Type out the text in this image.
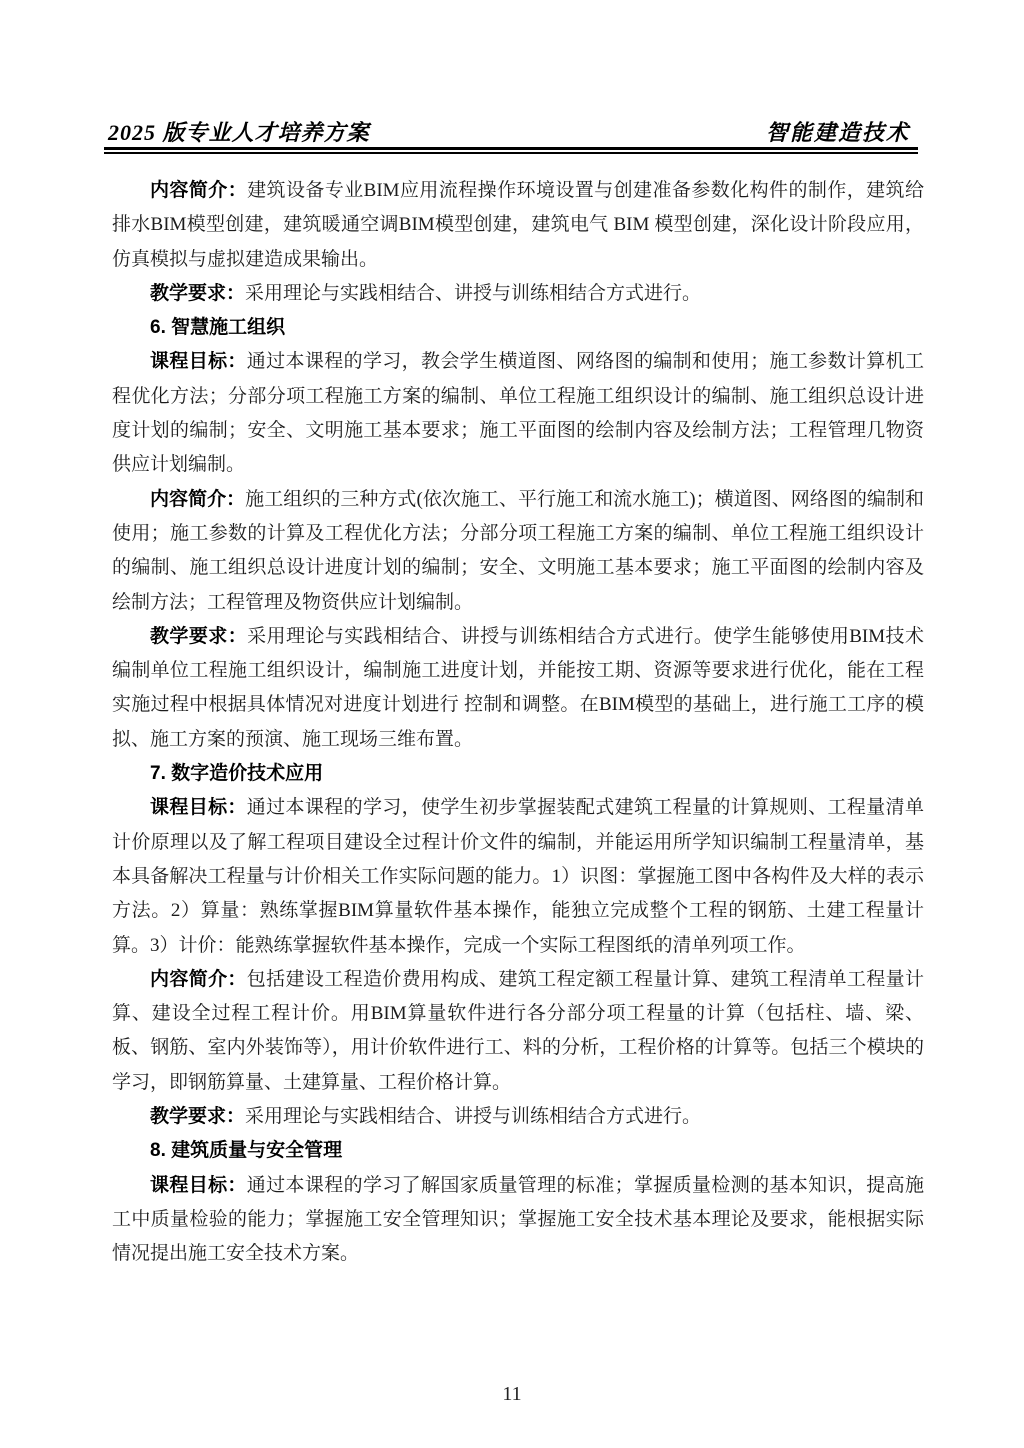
2025 版专业人才培养方案	智能建造技术

内容简介：建筑设备专业BIM应用流程操作环境设置与创建准备参数化构件的制作，建筑给排水BIM模型创建，建筑暖通空调BIM模型创建，建筑电气 BIM 模型创建，深化设计阶段应用，仿真模拟与虚拟建造成果输出。

教学要求：采用理论与实践相结合、讲授与训练相结合方式进行。

6. 智慧施工组织

课程目标：通过本课程的学习，教会学生横道图、网络图的编制和使用；施工参数计算机工程优化方法；分部分项工程施工方案的编制、单位工程施工组织设计的编制、施工组织总设计进度计划的编制；安全、文明施工基本要求；施工平面图的绘制内容及绘制方法；工程管理几物资供应计划编制。

内容简介：施工组织的三种方式(依次施工、平行施工和流水施工)；横道图、网络图的编制和使用；施工参数的计算及工程优化方法；分部分项工程施工方案的编制、单位工程施工组织设计的编制、施工组织总设计进度计划的编制；安全、文明施工基本要求；施工平面图的绘制内容及绘制方法；工程管理及物资供应计划编制。

教学要求：采用理论与实践相结合、讲授与训练相结合方式进行。使学生能够使用BIM技术编制单位工程施工组织设计，编制施工进度计划，并能按工期、资源等要求进行优化，能在工程实施过程中根据具体情况对进度计划进行 控制和调整。在BIM模型的基础上，进行施工工序的模拟、施工方案的预演、施工现场三维布置。

7. 数字造价技术应用

课程目标：通过本课程的学习，使学生初步掌握装配式建筑工程量的计算规则、工程量清单计价原理以及了解工程项目建设全过程计价文件的编制，并能运用所学知识编制工程量清单，基本具备解决工程量与计价相关工作实际问题的能力。1）识图：掌握施工图中各构件及大样的表示方法。2）算量：熟练掌握BIM算量软件基本操作，能独立完成整个工程的钢筋、土建工程量计算。3）计价：能熟练掌握软件基本操作，完成一个实际工程图纸的清单列项工作。

内容简介：包括建设工程造价费用构成、建筑工程定额工程量计算、建筑工程清单工程量计算、建设全过程工程计价。用BIM算量软件进行各分部分项工程量的计算（包括柱、墙、梁、板、钢筋、室内外装饰等），用计价软件进行工、料的分析，工程价格的计算等。包括三个模块的学习，即钢筋算量、土建算量、工程价格计算。

教学要求：采用理论与实践相结合、讲授与训练相结合方式进行。

8. 建筑质量与安全管理

课程目标：通过本课程的学习了解国家质量管理的标准；掌握质量检测的基本知识，提高施工中质量检验的能力；掌握施工安全管理知识；掌握施工安全技术基本理论及要求，能根据实际情况提出施工安全技术方案。

11
